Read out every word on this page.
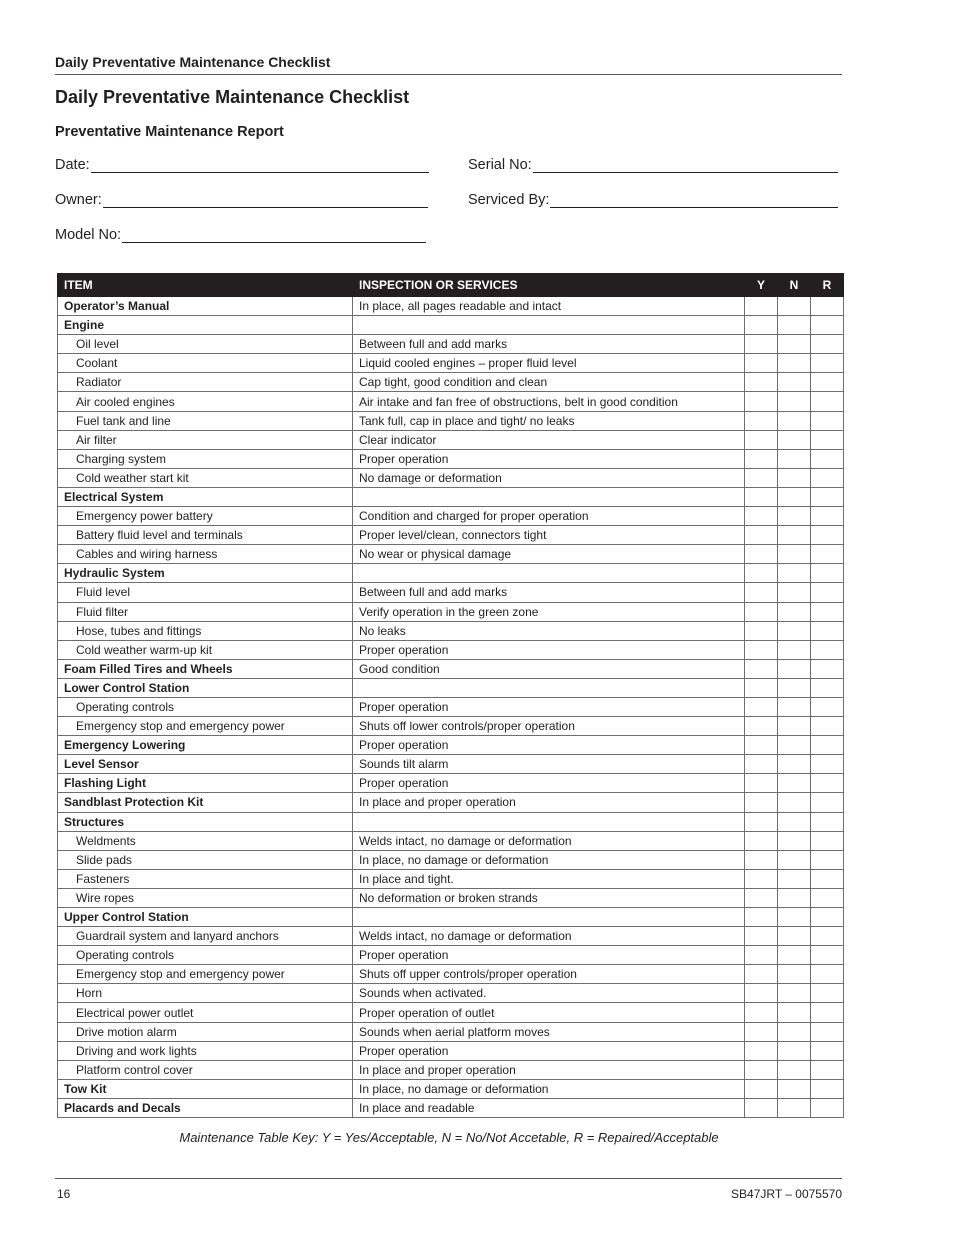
Daily Preventative Maintenance Checklist
Daily Preventative Maintenance Checklist
Preventative Maintenance Report
Date:	Serial No:
Owner:	Serviced By:
Model No:
ITEM	INSPECTION OR SERVICES	Y	N	R
Operator’s Manual	In place, all pages readable and intact			
Engine				
Oil level	Between full and add marks			
Coolant	Liquid cooled engines – proper fluid level			
Radiator	Cap tight, good condition and clean			
Air cooled engines	Air intake and fan free of obstructions, belt in good condition			
Fuel tank and line	Tank full, cap in place and tight/ no leaks			
Air filter	Clear indicator			
Charging system	Proper operation			
Cold weather start kit	No damage or deformation			
Electrical System				
Emergency power battery	Condition and charged for proper operation			
Battery fluid level and terminals	Proper level/clean, connectors tight			
Cables and wiring harness	No wear or physical damage			
Hydraulic System				
Fluid level	Between full and add marks			
Fluid filter	Verify operation in the green zone			
Hose, tubes and fittings	No leaks			
Cold weather warm-up kit	Proper operation			
Foam Filled Tires and Wheels	Good condition			
Lower Control Station				
Operating controls	Proper operation			
Emergency stop and emergency power	Shuts off lower controls/proper operation			
Emergency Lowering	Proper operation			
Level Sensor	Sounds tilt alarm			
Flashing Light	Proper operation			
Sandblast Protection Kit	In place and proper operation			
Structures				
Weldments	Welds intact, no damage or deformation			
Slide pads	In place, no damage or deformation			
Fasteners	In place and tight.			
Wire ropes	No deformation or broken strands			
Upper Control Station				
Guardrail system and lanyard anchors	Welds intact, no damage or deformation			
Operating controls	Proper operation			
Emergency stop and emergency power	Shuts off upper controls/proper operation			
Horn	Sounds when activated.			
Electrical power outlet	Proper operation of outlet			
Drive motion alarm	Sounds when aerial platform moves			
Driving and work lights	Proper operation			
Platform control cover	In place and proper operation			
Tow Kit	In place, no damage or deformation			
Placards and Decals	In place and readable			
Maintenance Table Key: Y = Yes/Acceptable, N = No/Not Accetable, R = Repaired/Acceptable
16	SB47JRT – 0075570
